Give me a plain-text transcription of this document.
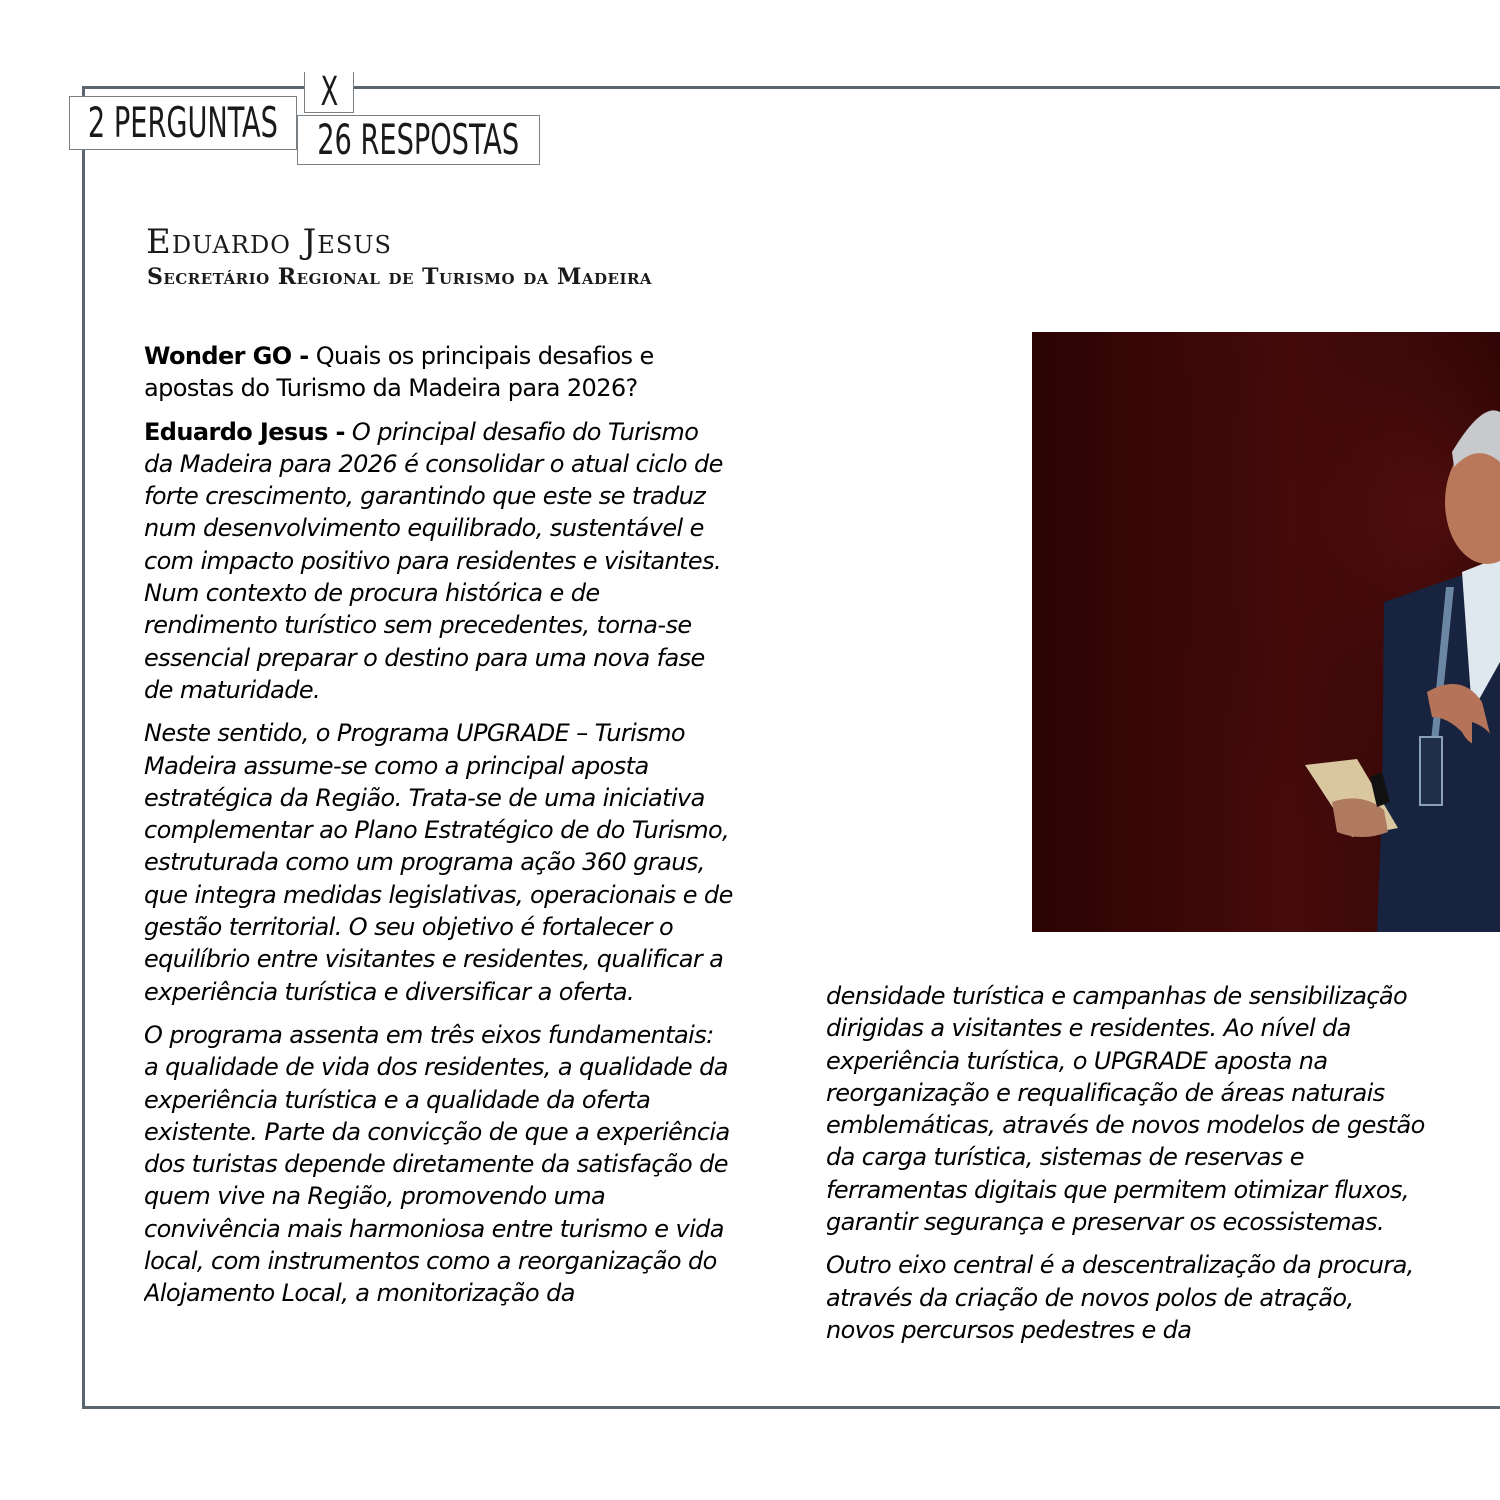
2 PERGUNTAS
X
26 RESPOSTAS
Eduardo Jesus
Secretário Regional de Turismo da Madeira

Wonder GO - Quais os principais desafios e apostas do Turismo da Madeira para 2026?

Eduardo Jesus - O principal desafio do Turismo da Madeira para 2026 é consolidar o atual ciclo de forte crescimento, garantindo que este se traduz num desenvolvimento equilibrado, sustentável e com impacto positivo para residentes e visitantes. Num contexto de procura histórica e de rendimento turístico sem precedentes, torna-se essencial preparar o destino para uma nova fase de maturidade.

Neste sentido, o Programa UPGRADE – Turismo Madeira assume-se como a principal aposta estratégica da Região. Trata-se de uma iniciativa complementar ao Plano Estratégico de do Turismo, estruturada como um programa ação 360 graus, que integra medidas legislativas, operacionais e de gestão territorial. O seu objetivo é fortalecer o equilíbrio entre visitantes e residentes, qualificar a experiência turística e diversificar a oferta.

O programa assenta em três eixos fundamentais: a qualidade de vida dos residentes, a qualidade da experiência turística e a qualidade da oferta existente. Parte da convicção de que a experiência dos turistas depende diretamente da satisfação de quem vive na Região, promovendo uma convivência mais harmoniosa entre turismo e vida local, com instrumentos como a reorganização do Alojamento Local, a monitorização da

densidade turística e campanhas de sensibilização dirigidas a visitantes e residentes. Ao nível da experiência turística, o UPGRADE aposta na reorganização e requalificação de áreas naturais emblemáticas, através de novos modelos de gestão da carga turística, sistemas de reservas e ferramentas digitais que permitem otimizar fluxos, garantir segurança e preservar os ecossistemas.

Outro eixo central é a descentralização da procura, através da criação de novos polos de atração, novos percursos pedestres e da
